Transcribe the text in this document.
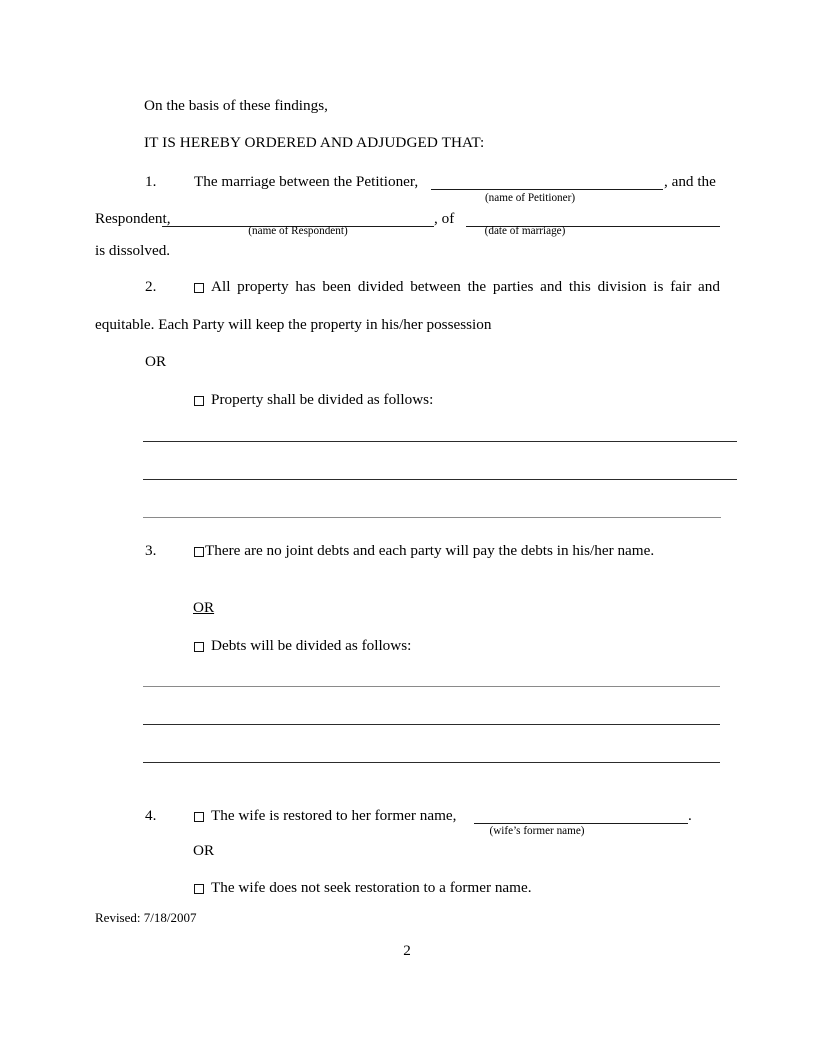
On the basis of these findings,
IT IS HEREBY ORDERED AND ADJUDGED THAT:
1. The marriage between the Petitioner,	, and the
(name of Petitioner)
Respondent,	, of
(name of Respondent)	(date of marriage)
is dissolved.
2.	All property has been divided between the parties and this division is fair and
equitable. Each Party will keep the property in his/her possession
OR
Property shall be divided as follows:
3.	There are no joint debts and each party will pay the debts in his/her name.
OR
Debts will be divided as follows:
4.	The wife is restored to her former name,	.
(wife’s former name)
OR
The wife does not seek restoration to a former name.
Revised: 7/18/2007
2
